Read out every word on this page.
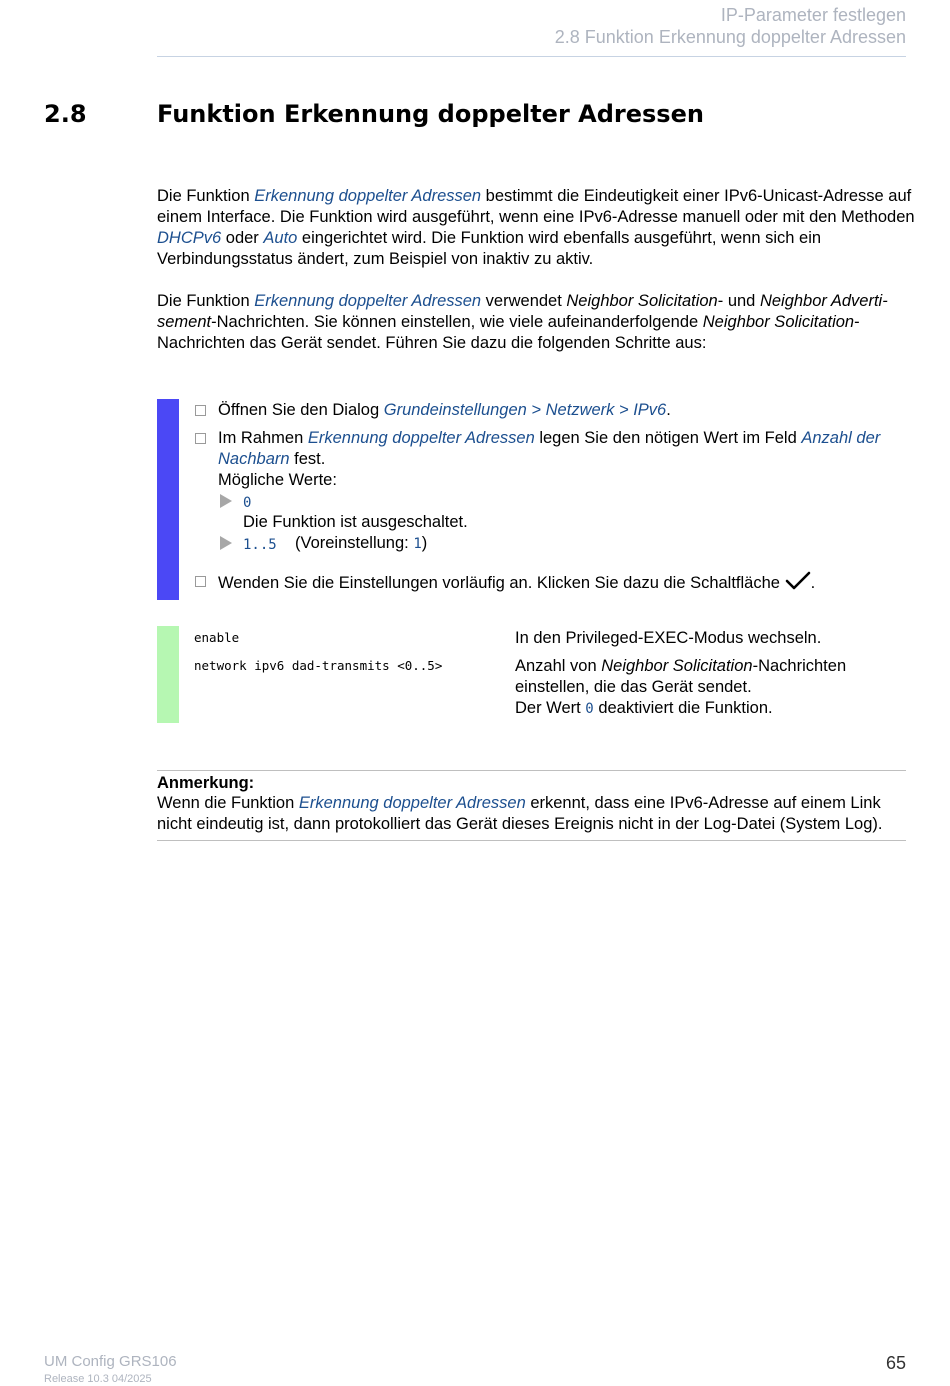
IP-Parameter festlegen
2.8 Funktion Erkennung doppelter Adressen
2.8	Funktion Erkennung doppelter Adressen

Die Funktion Erkennung doppelter Adressen bestimmt die Eindeutigkeit einer IPv6-Unicast-Adresse auf einem Interface. Die Funktion wird ausgeführt, wenn eine IPv6-Adresse manuell oder mit den Methoden DHCPv6 oder Auto eingerichtet wird. Die Funktion wird ebenfalls ausgeführt, wenn sich ein Verbindungsstatus ändert, zum Beispiel von inaktiv zu aktiv.

Die Funktion Erkennung doppelter Adressen verwendet Neighbor Solicitation- und Neighbor Adverti-sement-Nachrichten. Sie können einstellen, wie viele aufeinanderfolgende Neighbor Solicitation-Nachrichten das Gerät sendet. Führen Sie dazu die folgenden Schritte aus:

Öffnen Sie den Dialog Grundeinstellungen > Netzwerk > IPv6.

Im Rahmen Erkennung doppelter Adressen legen Sie den nötigen Wert im Feld Anzahl der Nachbarn fest.

Mögliche Werte:
0
Die Funktion ist ausgeschaltet.
1..5 (Voreinstellung: 1)

Wenden Sie die Einstellungen vorläufig an. Klicken Sie dazu die Schaltfläche .

enable	In den Privileged-EXEC-Modus wechseln.

network ipv6 dad-transmits <0..5>	Anzahl von Neighbor Solicitation-Nachrichten einstellen, die das Gerät sendet.
Der Wert 0 deaktiviert die Funktion.

Anmerkung:

Wenn die Funktion Erkennung doppelter Adressen erkennt, dass eine IPv6-Adresse auf einem Link nicht eindeutig ist, dann protokolliert das Gerät dieses Ereignis nicht in der Log-Datei (System Log).

UM Config GRS106
Release 10.3 04/2025
65
